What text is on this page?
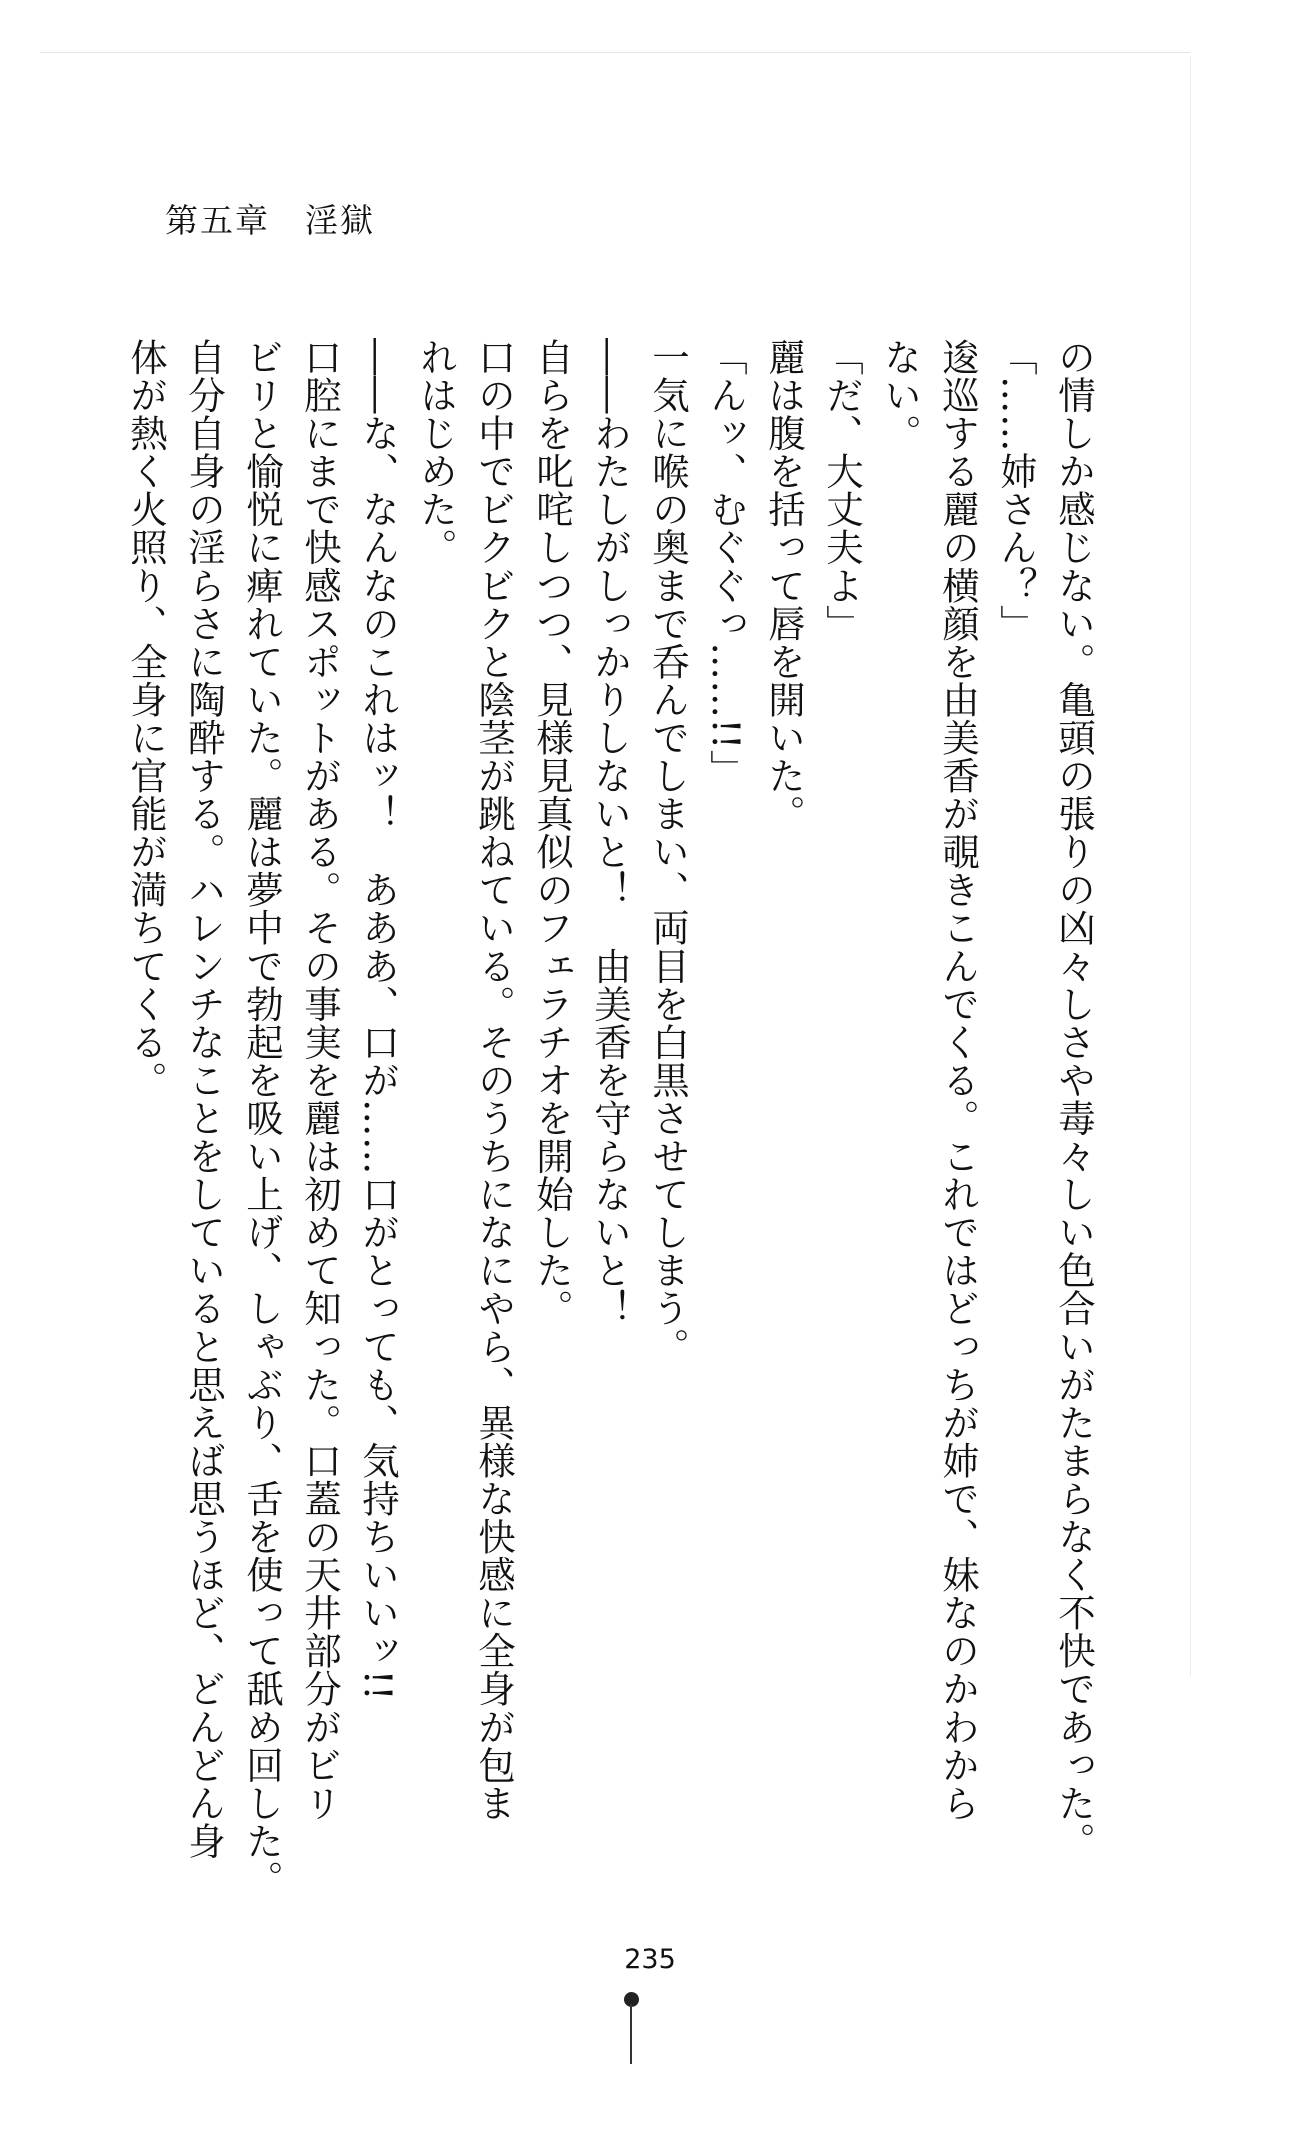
第五章　淫獄

の情しか感じない。亀頭の張りの凶々しさや毒々しい色合いがたまらなく不快であった。

「……姉さん？」

逡巡する麗の横顔を由美香が覗きこんでくる。これではどっちが姉で、妹なのかわから

ない。

「だ、大丈夫よ」

麗は腹を括って唇を開いた。

「んッ、むぐぐっ……!!」

一気に喉の奥まで呑んでしまい、両目を白黒させてしまう。

――わたしがしっかりしないと！　由美香を守らないと！

自らを叱咤しつつ、見様見真似のフェラチオを開始した。

口の中でビクビクと陰茎が跳ねている。そのうちになにやら、異様な快感に全身が包ま

れはじめた。

――な、なんなのこれはッ！　あああ、口が……口がとっても、気持ちいいッ!!

口腔にまで快感スポットがある。その事実を麗は初めて知った。口蓋の天井部分がビリ

ビリと愉悦に痺れていた。麗は夢中で勃起を吸い上げ、しゃぶり、舌を使って舐め回した。

自分自身の淫らさに陶酔する。ハレンチなことをしていると思えば思うほど、どんどん身

体が熱く火照り、全身に官能が満ちてくる。

235
